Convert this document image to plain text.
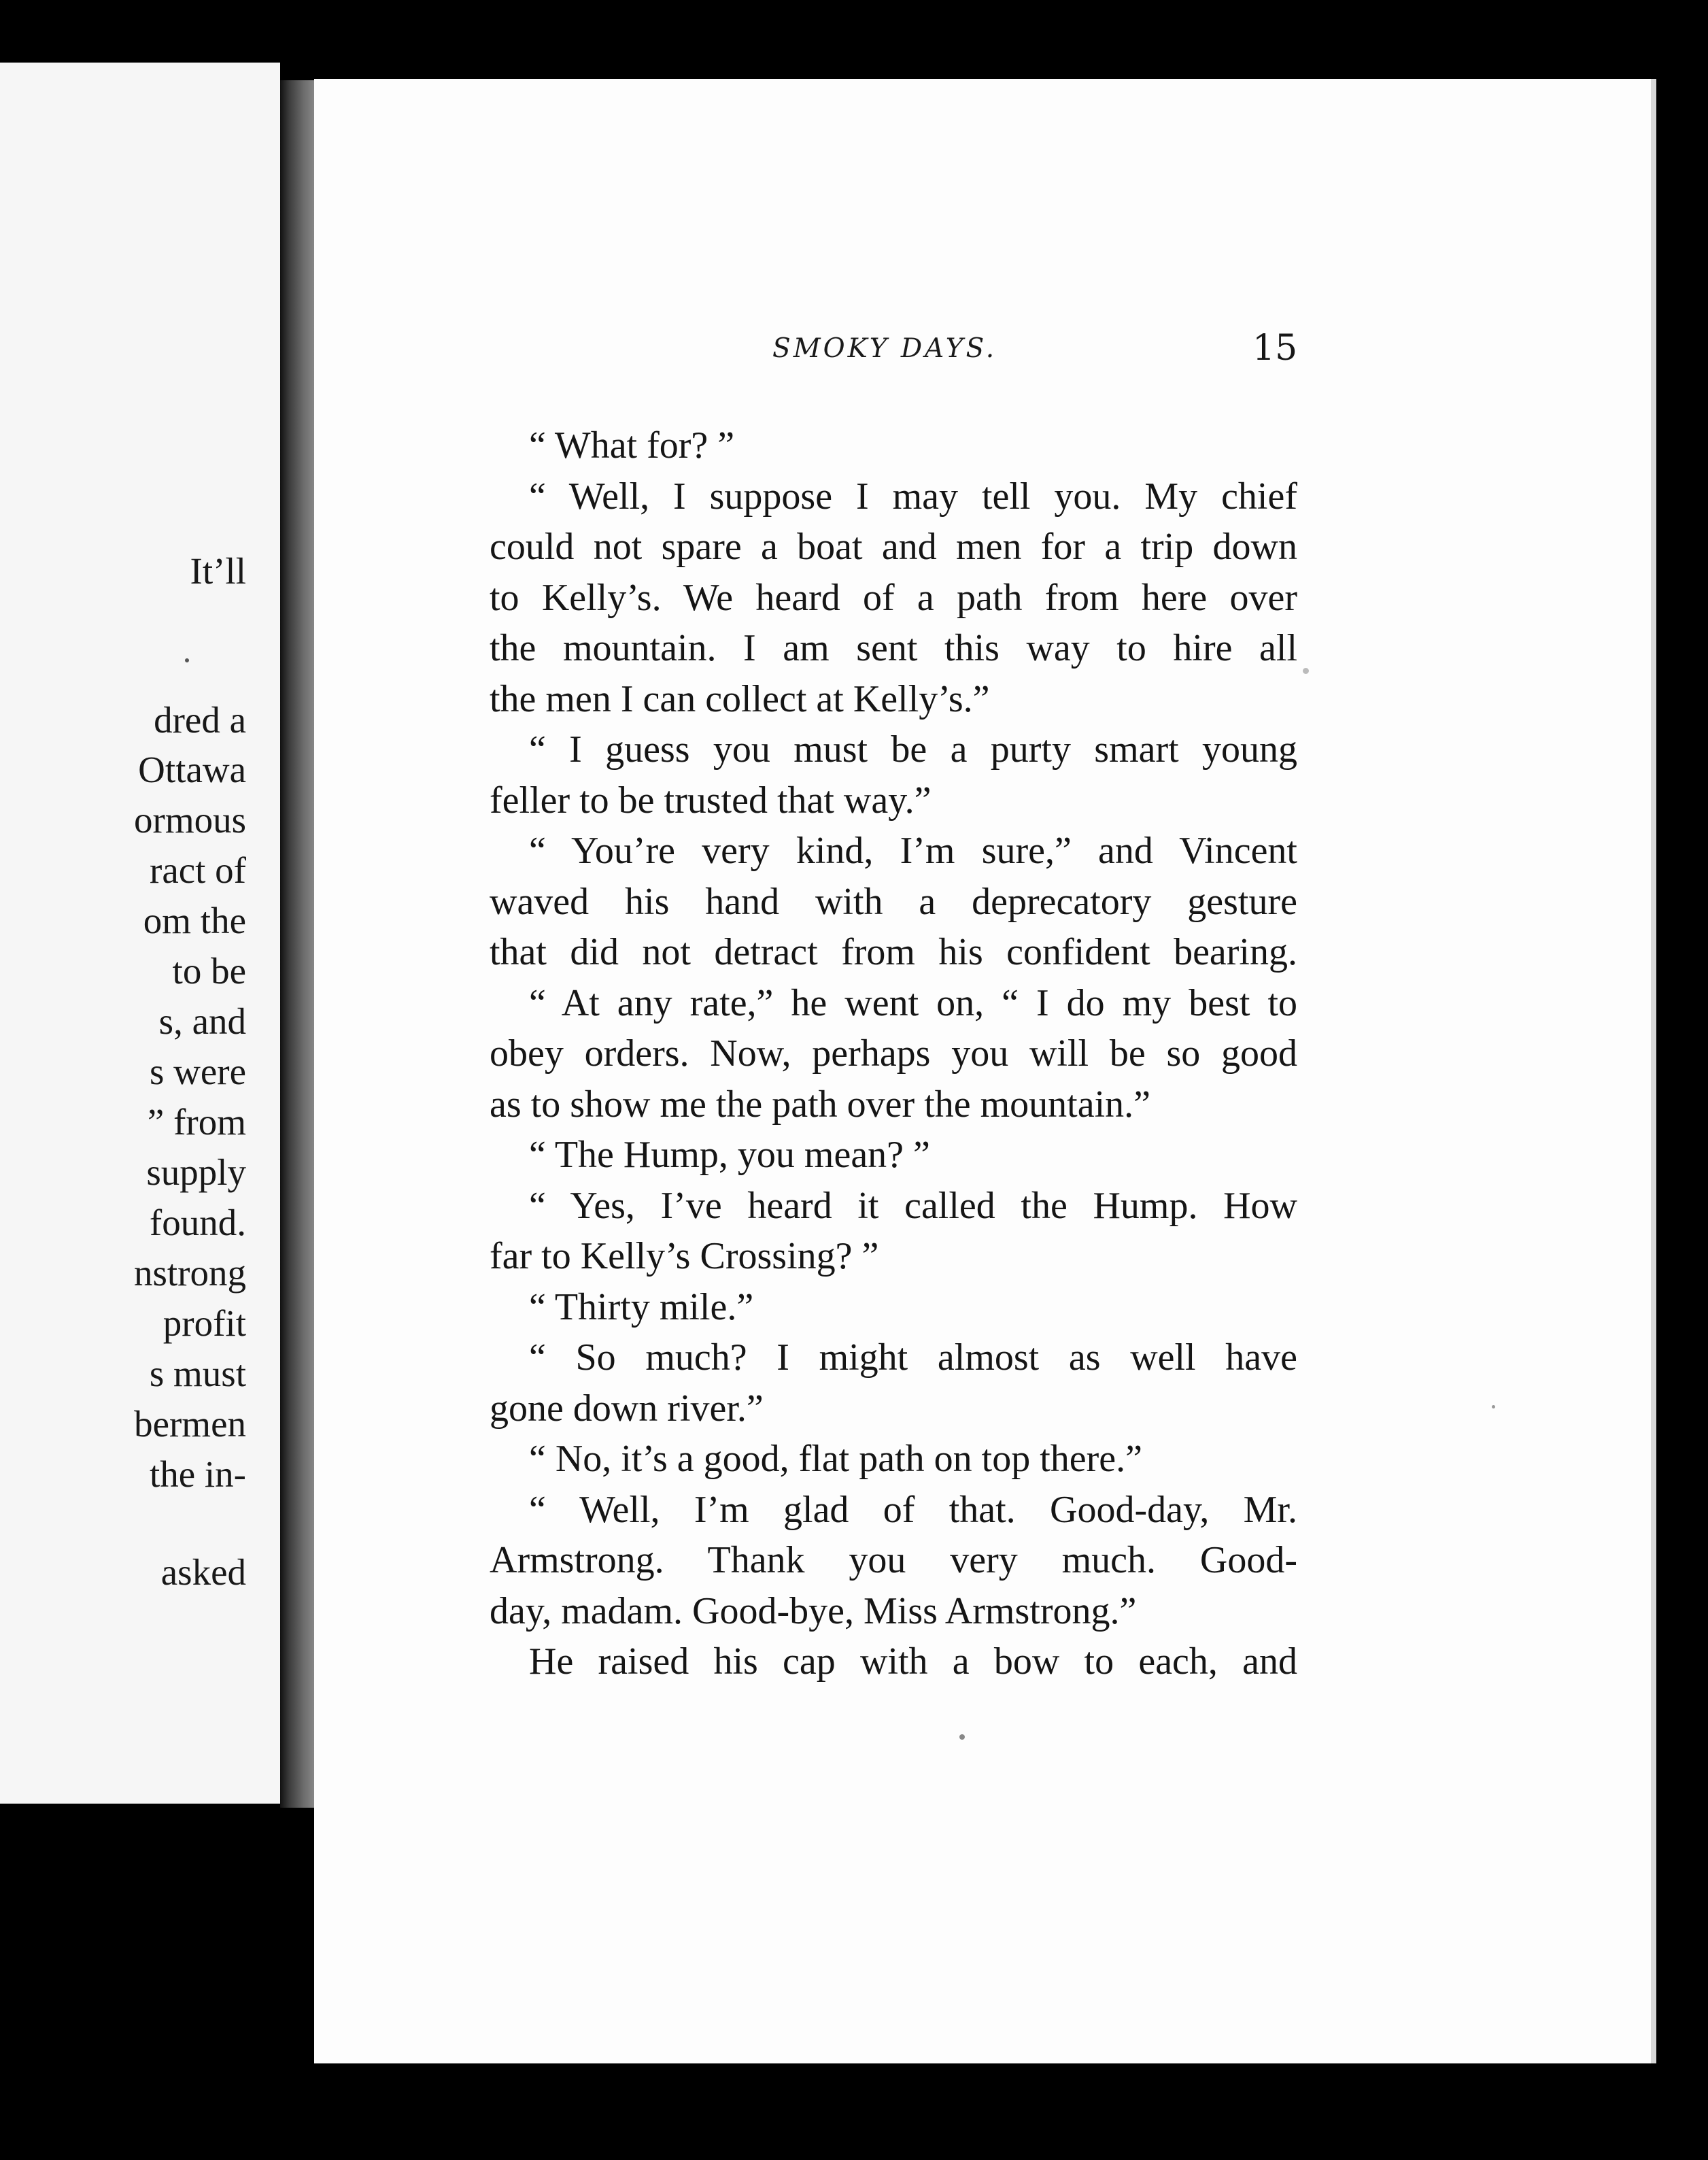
It’ll

dred a

Ottawa

ormous

ract of

om the

to be

s, and

s were

” from

supply

found.

nstrong

profit

s must

bermen

the in-

asked

SMOKY DAYS.	15
“ What for? ”
“ Well, I suppose I may tell you. My chief
could not spare a boat and men for a trip down
to Kelly’s. We heard of a path from here over
the mountain. I am sent this way to hire all
the men I can collect at Kelly’s.”
“ I guess you must be a purty smart young
feller to be trusted that way.”
“ You’re very kind, I’m sure,” and Vincent
waved his hand with a deprecatory gesture
that did not detract from his confident bearing.
“ At any rate,” he went on, “ I do my best to
obey orders. Now, perhaps you will be so good
as to show me the path over the mountain.”
“ The Hump, you mean? ”
“ Yes, I’ve heard it called the Hump. How
far to Kelly’s Crossing? ”
“ Thirty mile.”
“ So much? I might almost as well have
gone down river.”
“ No, it’s a good, flat path on top there.”
“ Well, I’m glad of that. Good-day, Mr.
Armstrong. Thank you very much. Good-
day, madam. Good-bye, Miss Armstrong.”
He raised his cap with a bow to each, and
